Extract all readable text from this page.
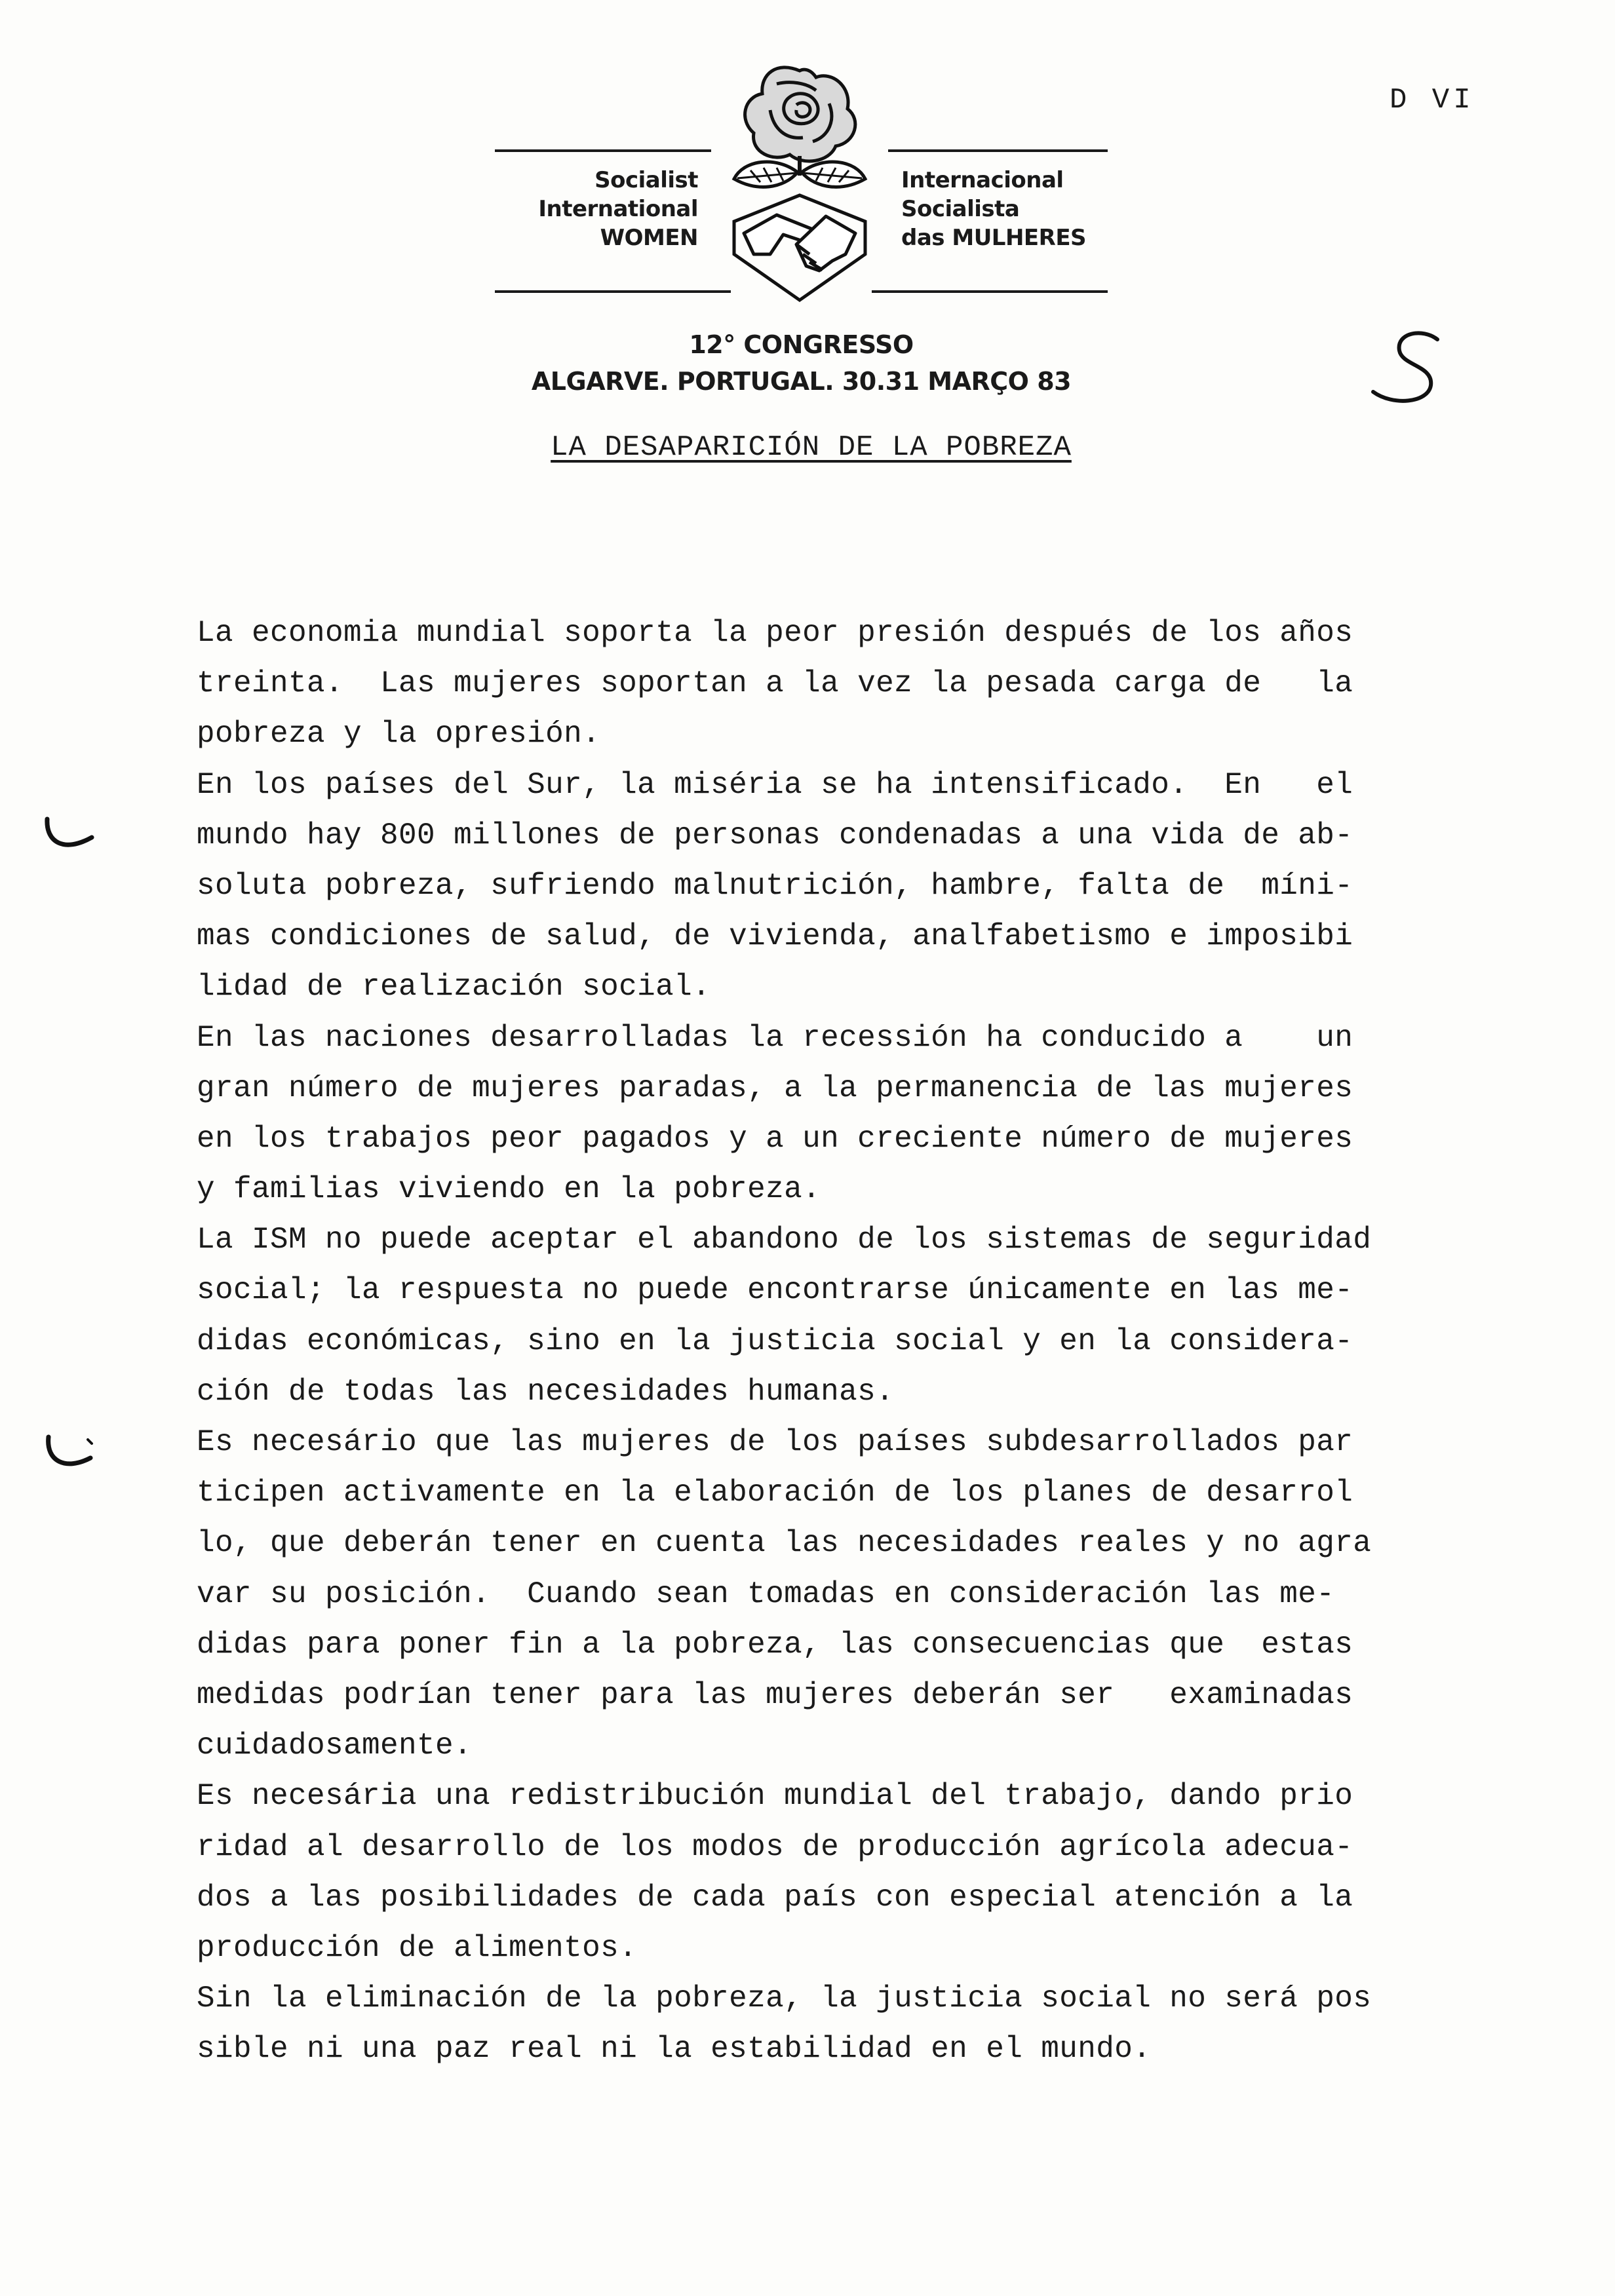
D VI
Socialist
International
WOMEN
Internacional
Socialista
das MULHERES
12° CONGRESSO
ALGARVE. PORTUGAL. 30.31 MARÇO 83
LA DESAPARICIÓN DE LA POBREZA
La economia mundial soporta la peor presión después de los años
treinta.  Las mujeres soportan a la vez la pesada carga de   la
pobreza y la opresión.
En los países del Sur, la miséria se ha intensificado.  En   el
mundo hay 800 millones de personas condenadas a una vida de ab-
soluta pobreza, sufriendo malnutrición, hambre, falta de  míni-
mas condiciones de salud, de vivienda, analfabetismo e imposibi
lidad de realización social.
En las naciones desarrolladas la recessión ha conducido a    un
gran número de mujeres paradas, a la permanencia de las mujeres
en los trabajos peor pagados y a un creciente número de mujeres
y familias viviendo en la pobreza.
La ISM no puede aceptar el abandono de los sistemas de seguridad
social; la respuesta no puede encontrarse únicamente en las me-
didas económicas, sino en la justicia social y en la considera-
ción de todas las necesidades humanas.
Es necesário que las mujeres de los países subdesarrollados par
ticipen activamente en la elaboración de los planes de desarrol
lo, que deberán tener en cuenta las necesidades reales y no agra
var su posición.  Cuando sean tomadas en consideración las me-
didas para poner fin a la pobreza, las consecuencias que  estas
medidas podrían tener para las mujeres deberán ser   examinadas
cuidadosamente.
Es necesária una redistribución mundial del trabajo, dando prio
ridad al desarrollo de los modos de producción agrícola adecua-
dos a las posibilidades de cada país con especial atención a la
producción de alimentos.
Sin la eliminación de la pobreza, la justicia social no será pos
sible ni una paz real ni la estabilidad en el mundo.
